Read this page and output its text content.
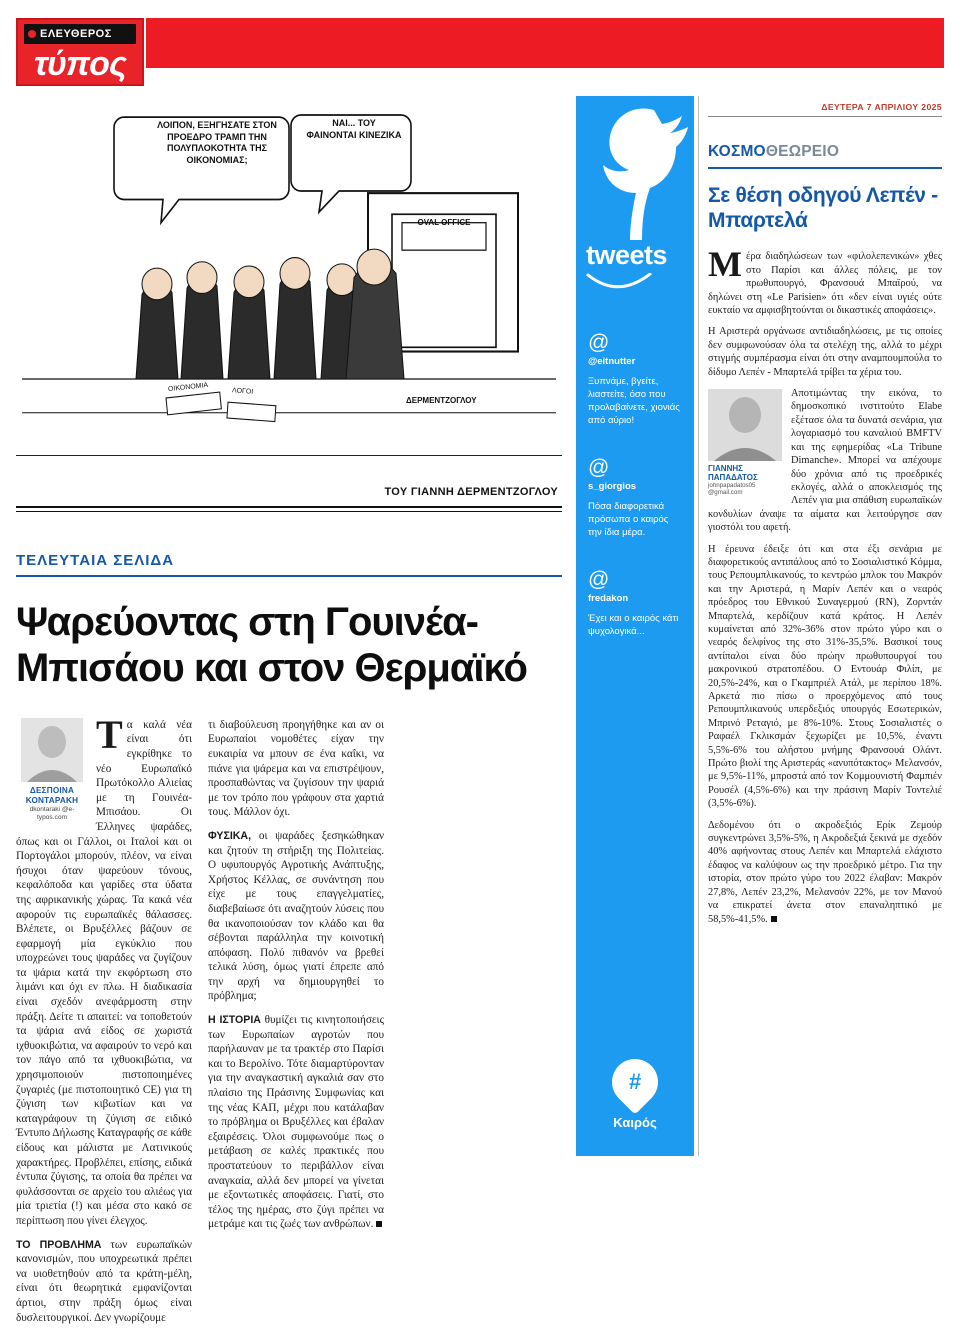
ΕΛΕΥΘΕΡΟΣ
τύπος
ΛΟΙΠΟΝ, ΕΞΗΓΗΣΑΤΕ ΣΤΟΝ ΠΡΟΕΔΡΟ ΤΡΑΜΠ ΤΗΝ ΠΟΛΥΠΛΟΚΟΤΗΤΑ ΤΗΣ ΟΙΚΟΝΟΜΙΑΣ;
ΝΑΙ... ΤΟΥ ΦΑΙΝΟΝΤΑΙ ΚΙΝΕΖΙΚΑ
OVAL OFFICE
ΟΙΚΟΝΟΜΙΑ	ΛΟΓΟΙ
ΔΕΡΜΕΝΤΖΟΓΛΟΥ
ΤΟΥ ΓΙΑΝΝΗ ΔΕΡΜΕΝΤΖΟΓΛΟΥ
ΤΕΛΕΥΤΑΙΑ ΣΕΛΙΔΑ
Ψαρεύοντας στη Γουινέα-Μπισάου και στον Θερμαϊκό
ΔΕΣΠΟΙΝΑ ΚΟΝΤΑΡΑΚΗ
dkontaraki @e-typos.com

Τα καλά νέα είναι ότι εγκρίθηκε το νέο Ευρωπαϊκό Πρωτόκολλο Αλιείας με τη Γουινέα-Μπισάου. Οι Έλληνες ψαράδες, όπως και οι Γάλλοι, οι Ιταλοί και οι Πορτογάλοι μπορούν, πλέον, να είναι ήσυχοι όταν ψαρεύουν τόνους, κεφαλόποδα και γαρίδες στα ύδατα της αφρικανικής χώρας. Τα κακά νέα αφορούν τις ευρωπαϊκές θάλασσες. Βλέπετε, οι Βρυξέλλες βάζουν σε εφαρμογή μία εγκύκλιο που υποχρεώνει τους ψαράδες να ζυγίζουν τα ψάρια κατά την εκφόρτωση στο λιμάνι και όχι εν πλω. Η διαδικασία είναι σχεδόν ανεφάρμοστη στην πράξη. Δείτε τι απαιτεί: να τοποθετούν τα ψάρια ανά είδος σε χωριστά ιχθυοκιβώτια, να αφαιρούν το νερό και τον πάγο από τα ιχθυοκιβώτια, να χρησιμοποιούν πιστοποιημένες ζυγαριές (με πιστοποιητικό CE) για τη ζύγιση των κιβωτίων και να καταγράφουν τη ζύγιση σε ειδικό Έντυπο Δήλωσης Καταγραφής σε κάθε είδους και μάλιστα με Λατινικούς χαρακτήρες. Προβλέπει, επίσης, ειδικά έντυπα ζύγισης, τα οποία θα πρέπει να φυλάσσονται σε αρχείο του αλιέως για μία τριετία (!) και μέσα στο κακό σε περίπτωση που γίνει έλεγχος.

ΤΟ ΠΡΟΒΛΗΜΑ των ευρωπαϊκών κανονισμών, που υποχρεωτικά πρέπει να υιοθετηθούν από τα κράτη-μέλη, είναι ότι θεωρητικά εμφανίζονται άρτιοι, στην πράξη όμως είναι δυσλειτουργικοί. Δεν γνωρίζουμε

τι διαβούλευση προηγήθηκε και αν οι Ευρωπαίοι νομοθέτες είχαν την ευκαιρία να μπουν σε ένα καΐκι, να πιάνε για ψάρεμα και να επιστρέψουν, προσπαθώντας να ζυγίσουν την ψαριά με τον τρόπο που γράφουν στα χαρτιά τους. Μάλλον όχι.

ΦΥΣΙΚΑ, οι ψαράδες ξεσηκώθηκαν και ζητούν τη στήριξη της Πολιτείας. Ο υφυπουργός Αγροτικής Ανάπτυξης, Χρήστος Κέλλας, σε συνάντηση που είχε με τους επαγγελματίες, διαβεβαίωσε ότι αναζητούν λύσεις που θα ικανοποιούσαν τον κλάδο και θα σέβονται παράλληλα την κοινοτική απόφαση. Πολύ πιθανόν να βρεθεί τελικά λύση, όμως γιατί έπρεπε από την αρχή να δημιουργηθεί το πρόβλημα;

Η ΙΣΤΟΡΙΑ θυμίζει τις κινητοποιήσεις των Ευρωπαίων αγροτών που παρήλαυναν με τα τρακτέρ στο Παρίσι και το Βερολίνο. Τότε διαμαρτύρονταν για την αναγκαστική αγκαλιά σαν στο πλαίσιο της Πράσινης Συμφωνίας και της νέας ΚΑΠ, μέχρι που κατάλαβαν το πρόβλημα οι Βρυξέλλες και έβαλαν εξαιρέσεις. Όλοι συμφωνούμε πως ο μετάβαση σε καλές πρακτικές που προστατεύουν το περιβάλλον είναι αναγκαία, αλλά δεν μπορεί να γίνεται με εξοντωτικές αποφάσεις. Γιατί, στο τέλος της ημέρας, στο ζύγι πρέπει να μετράμε και τις ζωές των ανθρώπων.

tweets
@
@eitnutter
Ξυπνάμε, βγείτε, λιαστείτε, όσο που προλαβαίνετε, χιονιάς από αύριο!
@
s_giorgios
Πόσα διαφορετικά πρόσωπα ο καιρός την ίδια μέρα.
@
fredakon
Έχει και ο καιρός κάτι ψυχολογικά...
#
Καιρός
ΔΕΥΤΕΡΑ 7 ΑΠΡΙΛΙΟΥ 2025
ΚΟΣΜΟΘΕΩΡΕΙΟ
Σε θέση οδηγού Λεπέν - Μπαρτελά

Μέρα διαδηλώσεων των «φιλολεπενικών» χθες στο Παρίσι και άλλες πόλεις, με τον πρωθυπουργό, Φρανσουά Μπαϊρού, να δηλώνει στη «Le Parisien» ότι «δεν είναι υγιές ούτε ευκταίο να αμφισβητούνται οι δικαστικές αποφάσεις».

Η Αριστερά οργάνωσε αντιδιαδηλώσεις, με τις οποίες δεν συμφωνούσαν όλα τα στελέχη της, αλλά το μέχρι στιγμής συμπέρασμα είναι ότι στην αναμπουμπούλα το δίδυμο Λεπέν - Μπαρτελά τρίβει τα χέρια του.

ΓΙΑΝΝΗΣ ΠΑΠΑΔΑΤΟΣ
johnpapadatos05 @gmail.com
Αποτιμώντας την εικόνα, το δημοσκοπικό ινστιτούτο Elabe εξέτασε όλα τα δυνατά σενάρια, για λογαριασμό του καναλιού BMFTV και της εφημερίδας «La Tribune Dimanche». Μπορεί να απέχουμε δύο χρόνια από τις προεδρικές εκλογές, αλλά ο αποκλεισμός της Λεπέν για μια σπάθιση ευρωπαϊκών κονδυλίων άναψε τα αίματα και λειτούργησε σαν γιοστόλι του αφετή.

Η έρευνα έδειξε ότι και στα έξι σενάρια με διαφορετικούς αντιπάλους από το Σοσιαλιστικό Κόμμα, τους Ρεπουμπλικανούς, το κεντρώο μπλοκ του Μακρόν και την Αριστερά, η Μαρίν Λεπέν και ο νεαρός πρόεδρος του Εθνικού Συναγερμού (RN), Ζορντάν Μπαρτελά, κερδίζουν κατά κράτος. Η Λεπέν κυμαίνεται από 32%-36% στον πρώτο γύρο και ο νεαρός δελφίνος της στο 31%-35,5%. Βασικοί τους αντίπαλοι είναι δύο πρώην πρωθυπουργοί του μακρονικού στρατοπέδου. Ο Εντουάρ Φιλίπ, με 20,5%-24%, και ο Γκαμπριέλ Ατάλ, με περίπου 18%. Αρκετά πιο πίσω ο προερχόμενος από τους Ρεπουμπλικανούς υπερδεξιός υπουργός Εσωτερικών, Μπρινό Ρεταγιό, με 8%-10%. Στους Σοσιαλιστές ο Ραφαέλ Γκλικσμάν ξεχωρίζει με 10,5%, έναντι 5,5%-6% του αλήστου μνήμης Φρανσουά Ολάντ. Πρώτο βιολί της Αριστεράς «ανυπότακτος» Μελανσόν, με 9,5%-11%, μπροστά από τον Κομμουνιστή Φαμπιέν Ρουσέλ (4,5%-6%) και την πράσινη Μαρίν Τοντελιέ (3,5%-6%).

Δεδομένου ότι ο ακροδεξιός Ερίκ Ζεμούρ συγκεντρώνει 3,5%-5%, η Ακροδεξιά ξεκινά με σχεδόν 40% αφήνοντας στους Λεπέν και Μπαρτελά ελάχιστο έδαφος να καλύψουν ως την προεδρικό μέτρο. Για την ιστορία, στον πρώτο γύρο του 2022 έλαβαν: Μακρόν 27,8%, Λεπέν 23,2%, Μελανσόν 22%, με τον Μανού να επικρατεί άνετα στον επαναληπτικό με 58,5%-41,5%.
